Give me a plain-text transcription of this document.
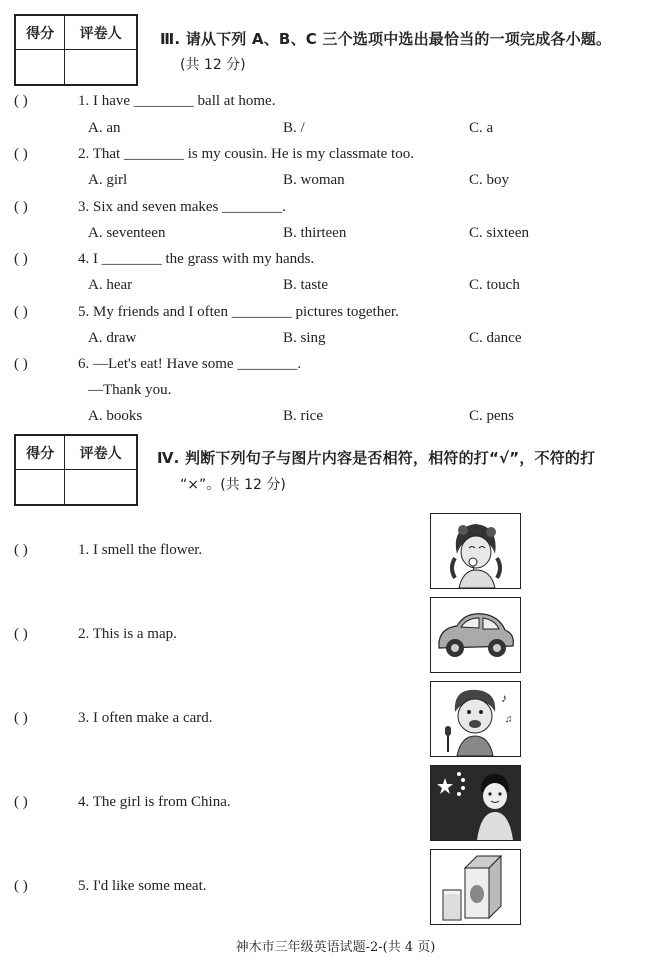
得分	评卷人
		Ⅲ. 请从下列 A、B、C 三个选项中选出最恰当的一项完成各小题。
(共 12 分)
( )	1. I have ________ ball at home.
A. an	B. /	C. a
( )	2. That ________ is my cousin. He is my classmate too.
A. girl	B. woman	C. boy
( )	3. Six and seven makes ________.
A. seventeen	B. thirteen	C. sixteen
( )	4. I ________ the grass with my hands.
A. hear	B. taste	C. touch
( )	5. My friends and I often ________ pictures together.
A. draw	B. sing	C. dance
( )	6. —Let's eat! Have some ________.
—Thank you.
A. books	B. rice	C. pens
得分	评卷人
	Ⅳ. 判断下列句子与图片内容是否相符，相符的打“√”，不符的打
“×”。(共 12 分)
( )	1. I smell the flower.
( )	2. This is a map.
( )	3. I often make a card.
♪
♫
( )	4. The girl is from China.
( )	5. I'd like some meat.
神木市三年级英语试题-2-(共 4 页)
